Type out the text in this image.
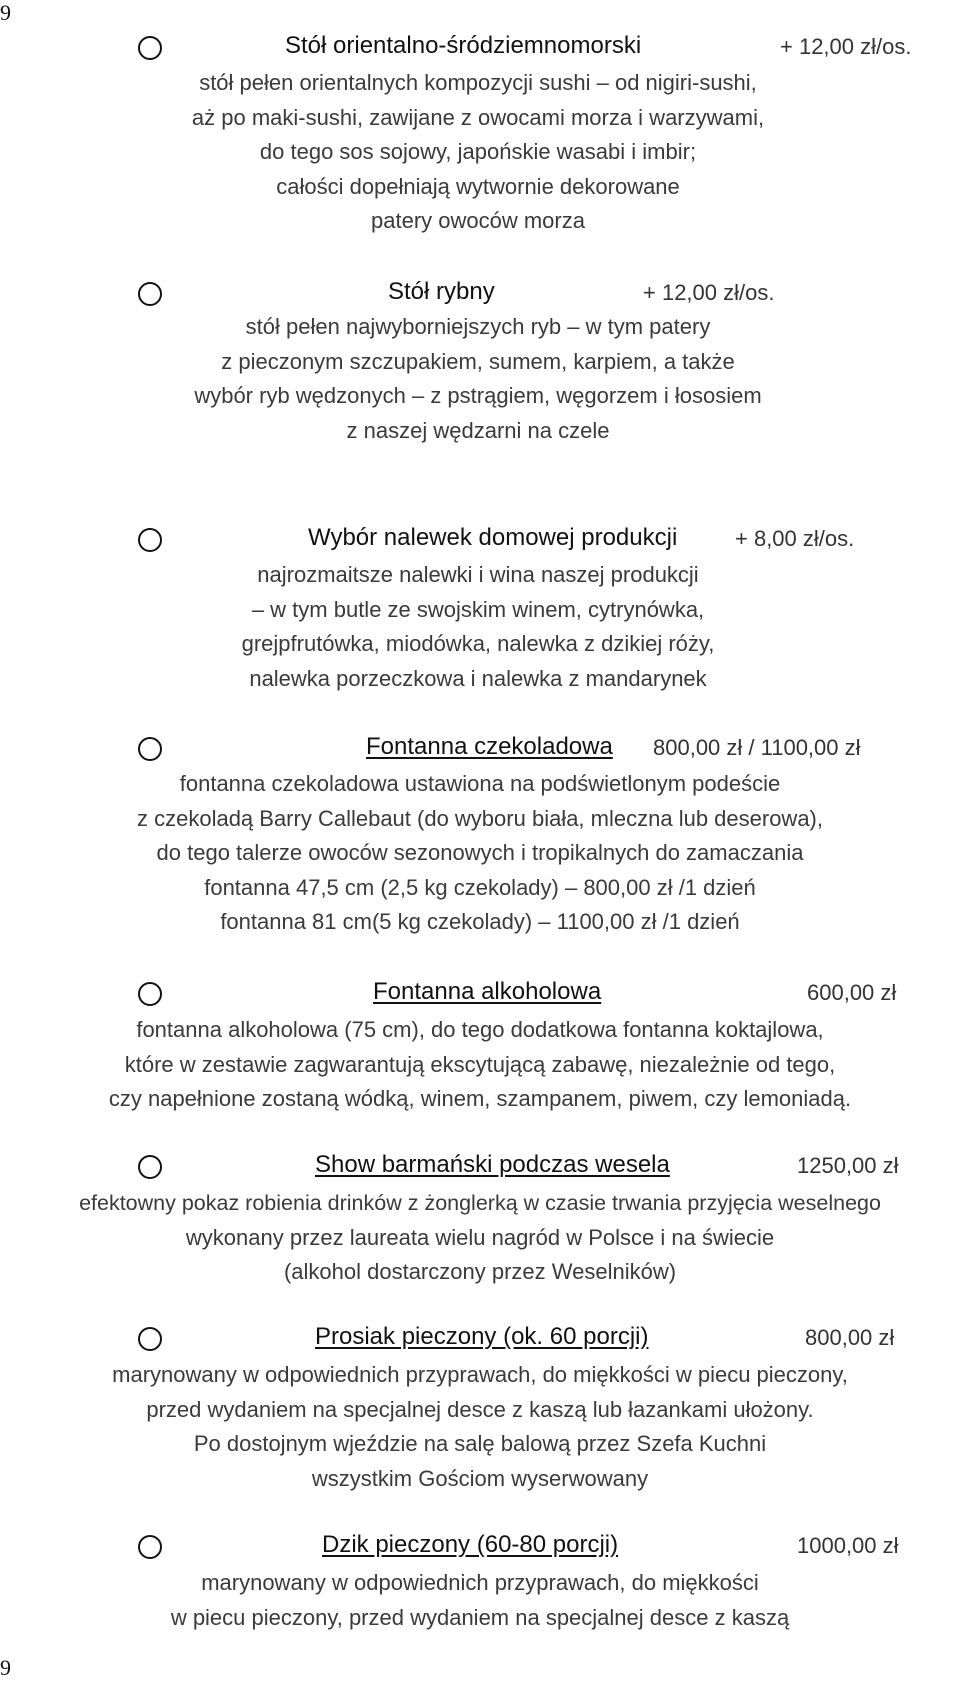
9
Stół orientalno-śródziemnomorski	+ 12,00 zł/os.

stół pełen orientalnych kompozycji sushi – od nigiri-sushi,

aż po maki-sushi, zawijane z owocami morza i warzywami,

do tego sos sojowy, japońskie wasabi i imbir;

całości dopełniają wytwornie dekorowane

patery owoców morza

Stół rybny	+ 12,00 zł/os.

stół pełen najwyborniejszych ryb – w tym patery

z pieczonym szczupakiem, sumem, karpiem, a także

wybór ryb wędzonych – z pstrągiem, węgorzem i łososiem

z naszej wędzarni na czele

Wybór nalewek domowej produkcji	+ 8,00 zł/os.

najrozmaitsze nalewki i wina naszej produkcji

– w tym butle ze swojskim winem, cytrynówka,

grejpfrutówka, miodówka, nalewka z dzikiej róży,

nalewka porzeczkowa i nalewka z mandarynek

Fontanna czekoladowa 800,00 zł / 1100,00 zł

fontanna czekoladowa ustawiona na podświetlonym podeście

z czekoladą Barry Callebaut (do wyboru biała, mleczna lub deserowa),

do tego talerze owoców sezonowych i tropikalnych do zamaczania

fontanna 47,5 cm (2,5 kg czekolady) – 800,00 zł /1 dzień

fontanna 81 cm(5 kg czekolady) – 1100,00 zł /1 dzień

Fontanna alkoholowa	600,00 zł

fontanna alkoholowa (75 cm), do tego dodatkowa fontanna koktajlowa,

które w zestawie zagwarantują ekscytującą zabawę, niezależnie od tego,

czy napełnione zostaną wódką, winem, szampanem, piwem, czy lemoniadą.

Show barmański podczas wesela	1250,00 zł

efektowny pokaz robienia drinków z żonglerką w czasie trwania przyjęcia weselnego

wykonany przez laureata wielu nagród w Polsce i na świecie

(alkohol dostarczony przez Weselników)

Prosiak pieczony (ok. 60 porcji)	800,00 zł

marynowany w odpowiednich przyprawach, do miękkości w piecu pieczony,

przed wydaniem na specjalnej desce z kaszą lub łazankami ułożony.

Po dostojnym wjeździe na salę balową przez Szefa Kuchni

wszystkim Gościom wyserwowany

Dzik pieczony (60-80 porcji)	1000,00 zł

marynowany w odpowiednich przyprawach, do miękkości

w piecu pieczony, przed wydaniem na specjalnej desce z kaszą

9
